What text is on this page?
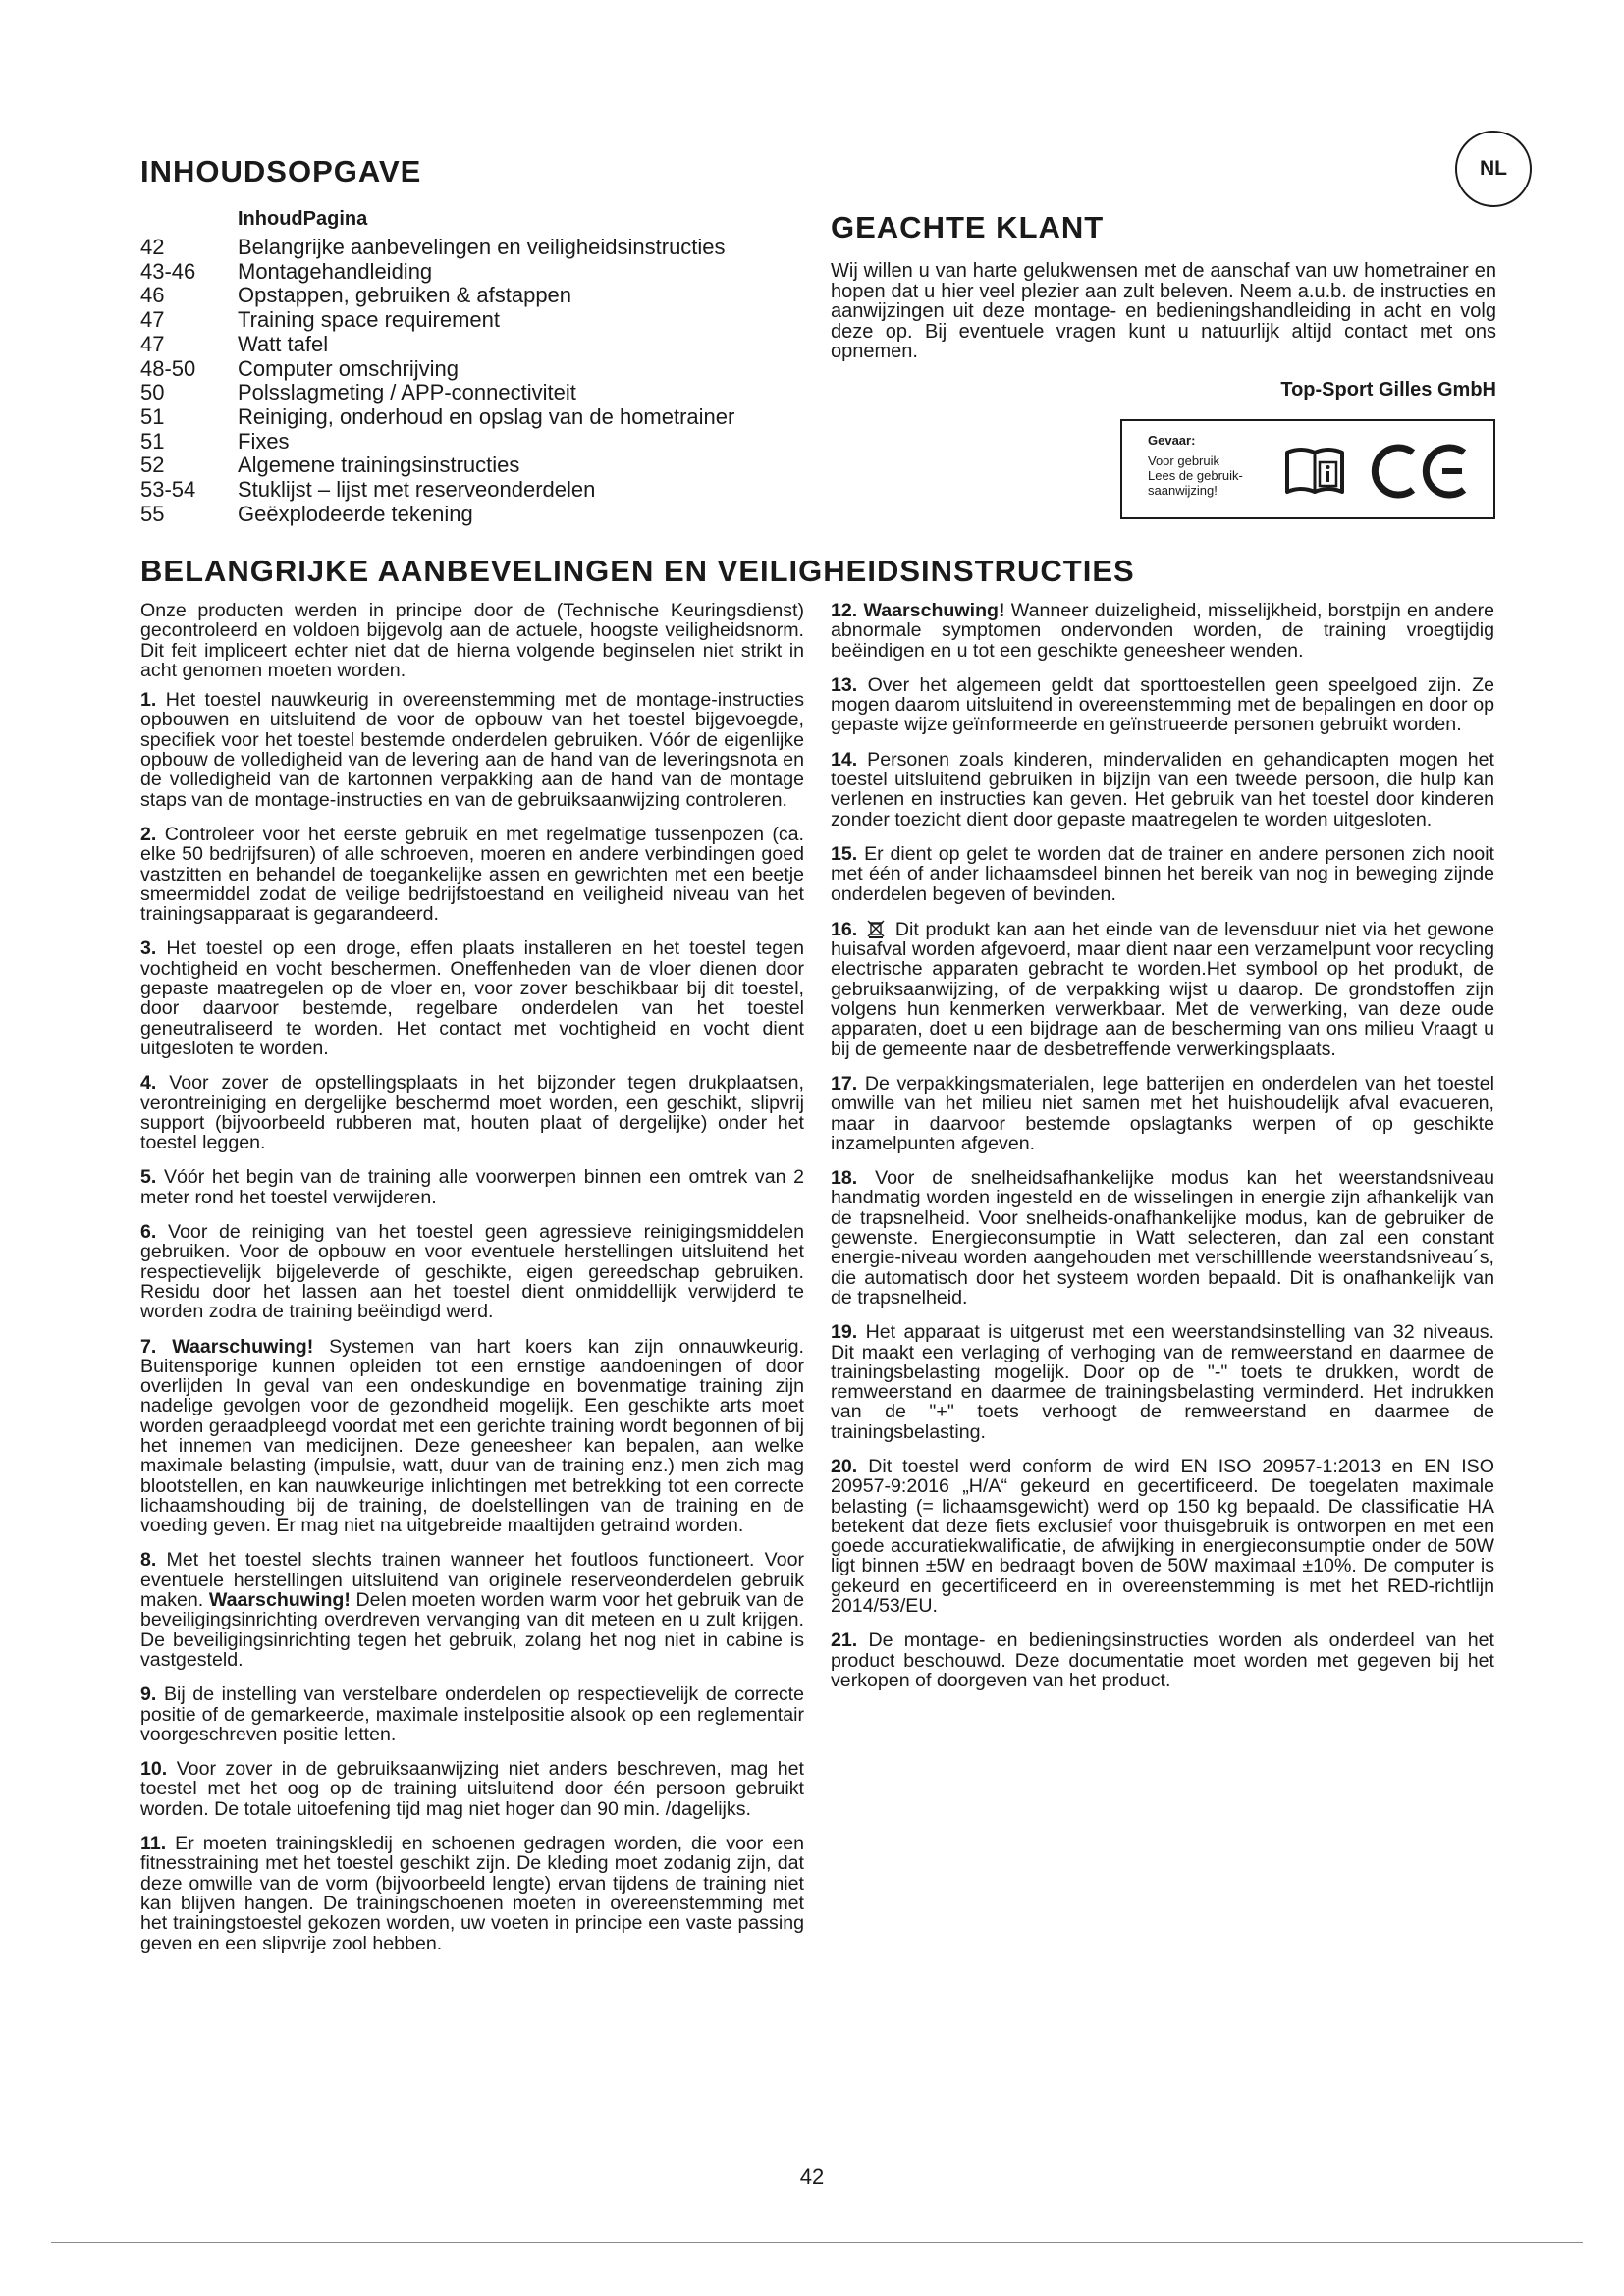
INHOUDSOPGAVE	NL
InhoudPagina
42	Belangrijke aanbevelingen en veiligheidsinstructies
43-46	Montagehandleiding
46	Opstappen, gebruiken & afstappen
47	Training space requirement
47	Watt tafel
48-50	Computer omschrijving
50	Polsslagmeting / APP-connectiviteit
51	Reiniging, onderhoud en opslag van de hometrainer
51	Fixes
52	Algemene trainingsinstructies
53-54	Stuklijst – lijst met reserveonderdelen
55	Geëxplodeerde tekening
GEACHTE KLANT
Wij willen u van harte gelukwensen met de aanschaf van uw hometrainer en hopen dat u hier veel plezier aan zult beleven. Neem a.u.b. de instructies en aanwijzingen uit deze montage- en bedieningshandleiding in acht en volg deze op. Bij eventuele vragen kunt u natuurlijk altijd contact met ons opnemen.
Top-Sport Gilles GmbH
Gevaar:
Voor gebruik
Lees de gebruik-
saanwijzing!
BELANGRIJKE AANBEVELINGEN EN VEILIGHEIDSINSTRUCTIES

Onze producten werden in principe door de (Technische Keuringsdienst) gecontroleerd en voldoen bijgevolg aan de actuele, hoogste veiligheidsnorm. Dit feit impliceert echter niet dat de hierna volgende beginselen niet strikt in acht genomen moeten worden.

1. Het toestel nauwkeurig in overeenstemming met de montage-instructies opbouwen en uitsluitend de voor de opbouw van het toestel bijgevoegde, specifiek voor het toestel bestemde onderdelen gebruiken. Vóór de eigenlijke opbouw de volledigheid van de levering aan de hand van de leveringsnota en de volledigheid van de kartonnen verpakking aan de hand van de montage staps van de montage-instructies en van de gebruiksaanwijzing controleren.

2. Controleer voor het eerste gebruik en met regelmatige tussenpozen (ca. elke 50 bedrijfsuren) of alle schroeven, moeren en andere verbindingen goed vastzitten en behandel de toegankelijke assen en gewrichten met een beetje smeermiddel zodat de veilige bedrijfstoestand en veiligheid niveau van het trainingsapparaat is gegarandeerd.

3. Het toestel op een droge, effen plaats installeren en het toestel tegen vochtigheid en vocht beschermen. Oneffenheden van de vloer dienen door gepaste maatregelen op de vloer en, voor zover beschikbaar bij dit toestel, door daarvoor bestemde, regelbare onderdelen van het toestel geneutraliseerd te worden. Het contact met vochtigheid en vocht dient uitgesloten te worden.

4. Voor zover de opstellingsplaats in het bijzonder tegen drukplaatsen, verontreiniging en dergelijke beschermd moet worden, een geschikt, slipvrij support (bijvoorbeeld rubberen mat, houten plaat of dergelijke) onder het toestel leggen.

5. Vóór het begin van de training alle voorwerpen binnen een omtrek van 2 meter rond het toestel verwijderen.

6. Voor de reiniging van het toestel geen agressieve reinigingsmiddelen gebruiken. Voor de opbouw en voor eventuele herstellingen uitsluitend het respectievelijk bijgeleverde of geschikte, eigen gereedschap gebruiken. Residu door het lassen aan het toestel dient onmiddellijk verwijderd te worden zodra de training beëindigd werd.

7. Waarschuwing! Systemen van hart koers kan zijn onnauwkeurig. Buitensporige kunnen opleiden tot een ernstige aandoeningen of door overlijden In geval van een ondeskundige en bovenmatige training zijn nadelige gevolgen voor de gezondheid mogelijk. Een geschikte arts moet worden geraadpleegd voordat met een gerichte training wordt begonnen of bij het innemen van medicijnen. Deze geneesheer kan bepalen, aan welke maximale belasting (impulsie, watt, duur van de training enz.) men zich mag blootstellen, en kan nauwkeurige inlichtingen met betrekking tot een correcte lichaamshouding bij de training, de doelstellingen van de training en de voeding geven. Er mag niet na uitgebreide maaltijden getraind worden.

8. Met het toestel slechts trainen wanneer het foutloos functioneert. Voor eventuele herstellingen uitsluitend van originele reserveonderdelen gebruik maken. Waarschuwing! Delen moeten worden warm voor het gebruik van de beveiligingsinrichting overdreven vervanging van dit meteen en u zult krijgen. De beveiligingsinrichting tegen het gebruik, zolang het nog niet in cabine is vastgesteld.

9. Bij de instelling van verstelbare onderdelen op respectievelijk de correcte positie of de gemarkeerde, maximale instelpositie alsook op een reglementair voorgeschreven positie letten.

10. Voor zover in de gebruiksaanwijzing niet anders beschreven, mag het toestel met het oog op de training uitsluitend door één persoon gebruikt worden. De totale uitoefening tijd mag niet hoger dan 90 min. /dagelijks.

11. Er moeten trainingskledij en schoenen gedragen worden, die voor een fitnesstraining met het toestel geschikt zijn. De kleding moet zodanig zijn, dat deze omwille van de vorm (bijvoorbeeld lengte) ervan tijdens de training niet kan blijven hangen. De trainingschoenen moeten in overeenstemming met het trainingstoestel gekozen worden, uw voeten in principe een vaste passing geven en een slipvrije zool hebben.

12. Waarschuwing! Wanneer duizeligheid, misselijkheid, borstpijn en andere abnormale symptomen ondervonden worden, de training vroegtijdig beëindigen en u tot een geschikte geneesheer wenden.

13. Over het algemeen geldt dat sporttoestellen geen speelgoed zijn. Ze mogen daarom uitsluitend in overeenstemming met de bepalingen en door op gepaste wijze geïnformeerde en geïnstrueerde personen gebruikt worden.

14. Personen zoals kinderen, mindervaliden en gehandicapten mogen het toestel uitsluitend gebruiken in bijzijn van een tweede persoon, die hulp kan verlenen en instructies kan geven. Het gebruik van het toestel door kinderen zonder toezicht dient door gepaste maatregelen te worden uitgesloten.

15. Er dient op gelet te worden dat de trainer en andere personen zich nooit met één of ander lichaamsdeel binnen het bereik van nog in beweging zijnde onderdelen begeven of bevinden.

16. Dit produkt kan aan het einde van de levensduur niet via het gewone huisafval worden afgevoerd, maar dient naar een verzamelpunt voor recycling electrische apparaten gebracht te worden.Het symbool op het produkt, de gebruiksaanwijzing, of de verpakking wijst u daarop. De grondstoffen zijn volgens hun kenmerken verwerkbaar. Met de verwerking, van deze oude apparaten, doet u een bijdrage aan de bescherming van ons milieu Vraagt u bij de gemeente naar de desbetreffende verwerkingsplaats.

17. De verpakkingsmaterialen, lege batterijen en onderdelen van het toestel omwille van het milieu niet samen met het huishoudelijk afval evacueren, maar in daarvoor bestemde opslagtanks werpen of op geschikte inzamelpunten afgeven.

18. Voor de snelheidsafhankelijke modus kan het weerstandsniveau handmatig worden ingesteld en de wisselingen in energie zijn afhankelijk van de trapsnelheid. Voor snelheids-onafhankelijke modus, kan de gebruiker de gewenste. Energieconsumptie in Watt selecteren, dan zal een constant energie-niveau worden aangehouden met verschilllende weerstandsniveau´s, die automatisch door het systeem worden bepaald. Dit is onafhankelijk van de trapsnelheid.

19. Het apparaat is uitgerust met een weerstandsinstelling van 32 niveaus. Dit maakt een verlaging of verhoging van de remweerstand en daarmee de trainingsbelasting mogelijk. Door op de "-" toets te drukken, wordt de remweerstand en daarmee de trainingsbelasting verminderd. Het indrukken van de "+" toets verhoogt de remweerstand en daarmee de trainingsbelasting.

20. Dit toestel werd conform de wird EN ISO 20957-1:2013 en EN ISO 20957-9:2016 „H/A“ gekeurd en gecertificeerd. De toegelaten maximale belasting (= lichaamsgewicht) werd op 150 kg bepaald. De classificatie HA betekent dat deze fiets exclusief voor thuisgebruik is ontworpen en met een goede accuratiekwalificatie, de afwijking in energieconsumptie onder de 50W ligt binnen ±5W en bedraagt boven de 50W maximaal ±10%. De computer is gekeurd en gecertificeerd en in overeenstemming is met het RED-richtlijn 2014/53/EU.

21. De montage- en bedieningsinstructies worden als onderdeel van het product beschouwd. Deze documentatie moet worden met gegeven bij het verkopen of doorgeven van het product.

42
